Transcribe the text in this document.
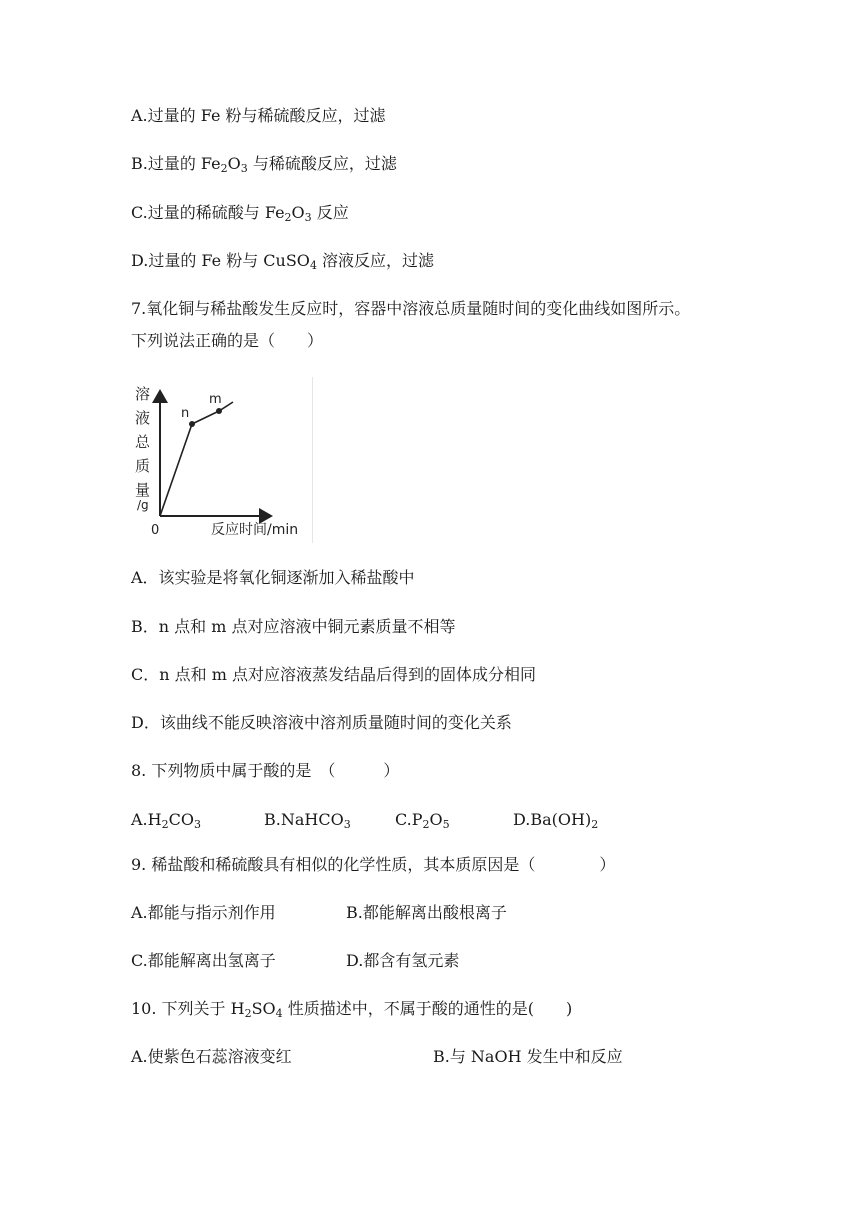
A.过量的 Fe 粉与稀硫酸反应，过滤
B.过量的 $Fe_2O_3$ 与稀硫酸反应，过滤
C.过量的稀硫酸与 $Fe_2O_3$ 反应
D.过量的 Fe 粉与 CuSO$_4$ 溶液反应，过滤
7.氧化铜与稀盐酸发生反应时，容器中溶液总质量随时间的变化曲线如图所示。
下列说法正确的是（　　）
n
m
溶
液
总
质
量
/g
0	反应时间/min
A．该实验是将氧化铜逐渐加入稀盐酸中
B．n 点和 m 点对应溶液中铜元素质量不相等
C．n 点和 m 点对应溶液蒸发结晶后得到的固体成分相同
D．该曲线不能反映溶液中溶剂质量随时间的变化关系
8. 下列物质中属于酸的是　（　　　）
$A.H_2CO_3$	B.NaHCO$_3$	$C.P_2O_5$	$D.Ba(OH)_2$
9. 稀盐酸和稀硫酸具有相似的化学性质，其本质原因是（　　　　）
A.都能与指示剂作用	B.都能解离出酸根离子
C.都能解离出氢离子	D.都含有氢元素
10. 下列关于 $H_2SO_4$ 性质描述中，不属于酸的通性的是(　　)
A.使紫色石蕊溶液变红	B.与 NaOH 发生中和反应
